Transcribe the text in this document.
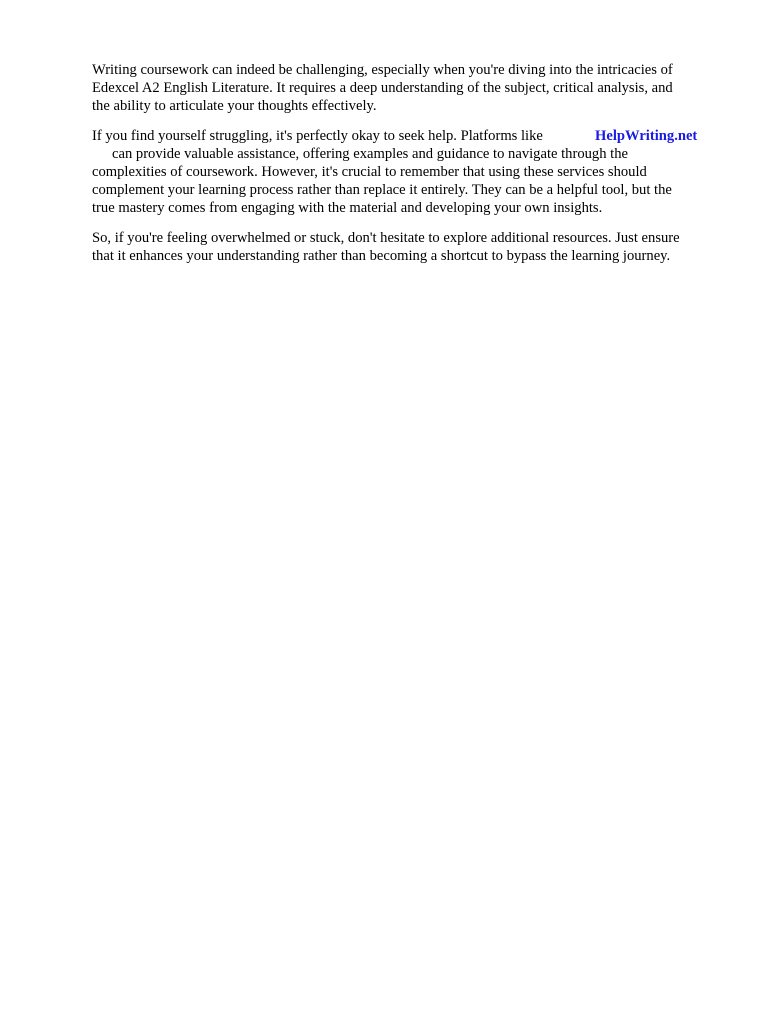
Writing coursework can indeed be challenging, especially when you're diving into the intricacies of

Edexcel A2 English Literature. It requires a deep understanding of the subject, critical analysis, and

the ability to articulate your thoughts effectively.

If you find yourself struggling, it's perfectly okay to seek help. Platforms like	HelpWriting.net

can provide valuable assistance, offering examples and guidance to navigate through the

complexities of coursework. However, it's crucial to remember that using these services should

complement your learning process rather than replace it entirely. They can be a helpful tool, but the

true mastery comes from engaging with the material and developing your own insights.

So, if you're feeling overwhelmed or stuck, don't hesitate to explore additional resources. Just ensure

that it enhances your understanding rather than becoming a shortcut to bypass the learning journey.
